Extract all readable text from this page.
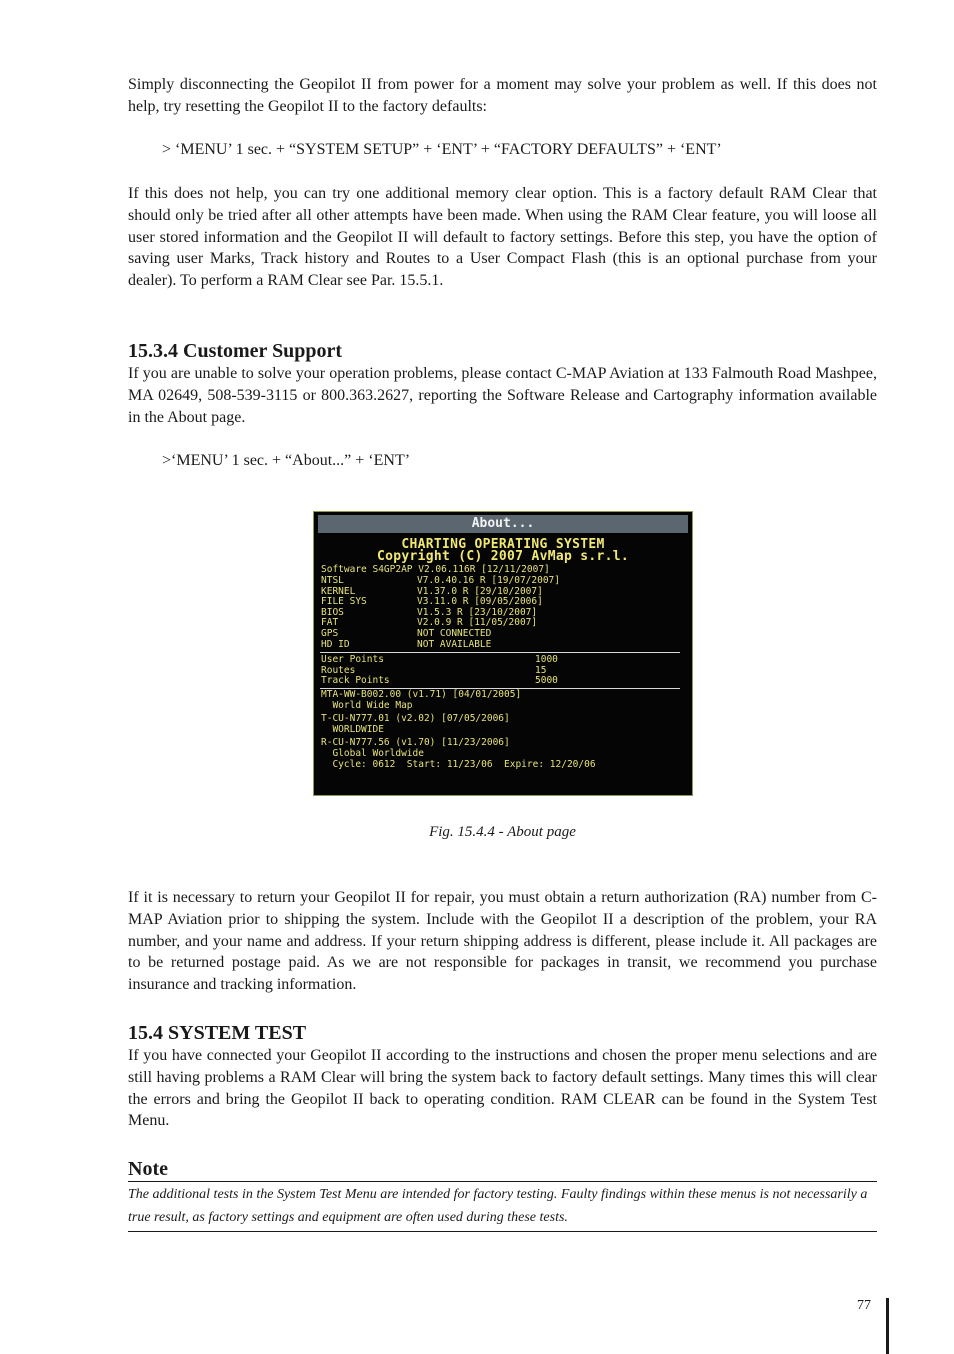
Simply disconnecting the Geopilot II from power for a moment may solve your problem as well. If this does not help, try resetting the Geopilot II to the factory defaults:

> ‘MENU’ 1 sec. + “SYSTEM SETUP” + ‘ENT’ + “FACTORY DEFAULTS” + ‘ENT’

If this does not help, you can try one additional memory clear option. This is a factory default RAM Clear that should only be tried after all other attempts have been made. When using the RAM Clear feature, you will loose all user stored information and the Geopilot II will default to factory settings. Before this step, you have the option of saving user Marks, Track history and Routes to a User Compact Flash (this is an optional purchase from your dealer). To perform a RAM Clear see Par. 15.5.1.

15.3.4 Customer Support

If you are unable to solve your operation problems, please contact C-MAP Aviation at 133 Falmouth Road Mashpee, MA 02649, 508-539-3115 or 800.363.2627, reporting the Software Release and Cartography information available in the About page.

>‘MENU’ 1 sec. + “About...” + ‘ENT’

Fig. 15.4.4 - About page

If it is necessary to return your Geopilot II for repair, you must obtain a return authorization (RA) number from C-MAP Aviation prior to shipping the system. Include with the Geopilot II a description of the problem, your RA number, and your name and address. If your return shipping address is different, please include it. All packages are to be returned postage paid. As we are not responsible for packages in transit, we recommend you purchase insurance and tracking information.

15.4 SYSTEM TEST

If you have connected your Geopilot II according to the instructions and chosen the proper menu selections and are still having problems a RAM Clear will bring the system back to factory default settings. Many times this will clear the errors and bring the Geopilot II back to operating condition. RAM CLEAR can be found in the System Test Menu.

Note

The additional tests in the System Test Menu are intended for factory testing. Faulty findings within these menus is not necessarily a true result, as factory settings and equipment are often used during these tests.

About...
CHARTING OPERATING SYSTEM
Copyright (C) 2007 AvMap s.r.l.
Software S4GP2AP V2.06.116R [12/11/2007]
NTSL	V7.0.40.16 R [19/07/2007]
KERNEL	V1.37.0 R [29/10/2007]
FILE SYS	V3.11.0 R [09/05/2006]
BIOS	V1.5.3 R [23/10/2007]
FAT	V2.0.9 R [11/05/2007]
GPS	NOT CONNECTED
HD ID	NOT AVAILABLE
User Points	1000
Routes	15
Track Points	5000
MTA-WW-B002.00 (v1.71) [04/01/2005]
World Wide Map
T-CU-N777.01 (v2.02) [07/05/2006]
WORLDWIDE
R-CU-N777.56 (v1.70) [11/23/2006]
Global Worldwide
Cycle: 0612  Start: 11/23/06  Expire: 12/20/06
77
